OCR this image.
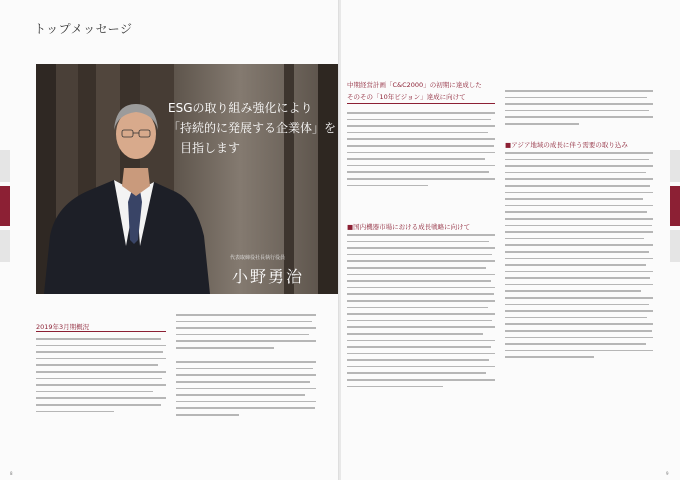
トップメッセージ
ESGの取り組み強化により
「持続的に発展する企業体」を
目指します
代表取締役社長執行役員
小野勇治
2019年3月期概況
8
中期経営計画「C&C2000」の初期に達成した
そのその「10年ビジョン」達成に向けて
■国内機器市場における成長戦略に向けて
■アジア地域の成長に伴う需要の取り込み
9
